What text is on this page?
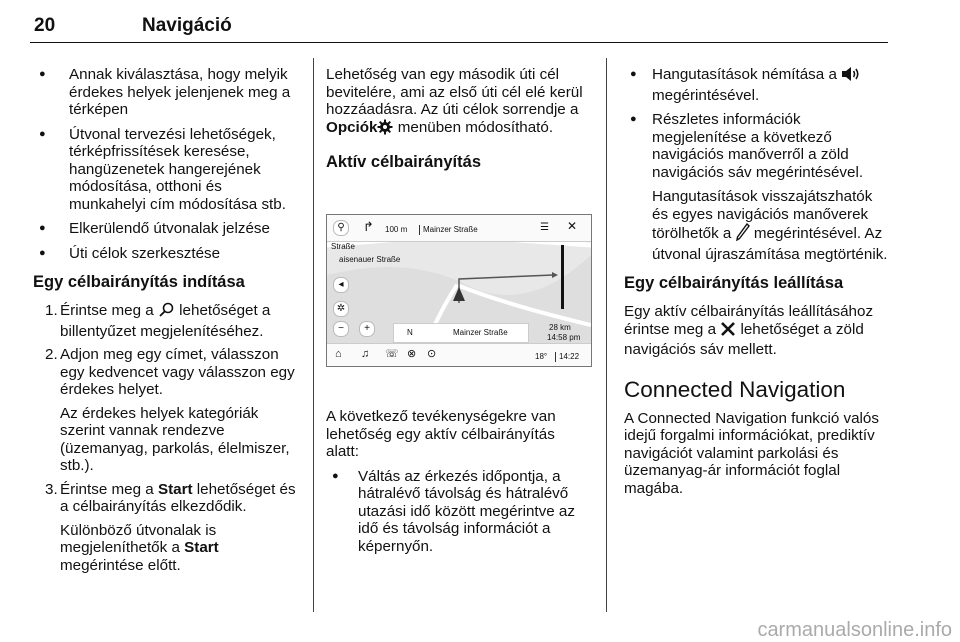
20	Navigáció

● Annak kiválasztása, hogy melyik érdekes helyek jelenjenek meg a térképen

● Útvonal tervezési lehetőségek, térképfrissítések keresése, hangüzenetek hangerejének módosítása, otthoni és munkahelyi cím módosítása stb.

● Elkerülendő útvonalak jelzése

● Úti célok szerkesztése

Egy célbairányítás indítása

1. Érintse meg a lehetőséget a billentyűzet megjelenítéséhez.
2. Adjon meg egy címet, válasszon egy kedvencet vagy válasszon egy érdekes helyet.

Az érdekes helyek kategóriák szerint vannak rendezve (üzemanyag, parkolás, élelmiszer, stb.).

3. Érintse meg a Start lehetőséget és a célbairányítás elkezdődik.

Különböző útvonalak is megjeleníthetők a Start megérintése előtt.

Lehetőség van egy második úti cél bevitelére, ami az első úti cél elé kerül hozzáadásra. Az úti célok sorrendje a Opciók menüben módosítható.

Aktív célbairányítás

⚲	↱ 100 m	Mainzer Straße	☰ ✕
Straße
aisenauer Straße
◂
✲
−	+	N	Mainzer Straße
28 km
14:58 pm
⌂ ♫ ☏ ⊗ ⊙	18°	14:22

A következő tevékenységekre van lehetőség egy aktív célbairányítás alatt:

● Váltás az érkezés időpontja, a hátralévő távolság és hátralévő utazási idő között megérintve az idő és távolság információt a képernyőn.

● Hangutasítások némítása a  megérintésével.

● Részletes információk megjelenítése a következő navigációs manőverről a zöld navigációs sáv megérintésével.

Hangutasítások visszajátszhatók és egyes navigációs manőverek törölhetők a megérintésével. Az útvonal újraszámítása megtörténik.

Egy célbairányítás leállítása

Egy aktív célbairányítás leállításához érintse meg a lehetőséget a zöld navigációs sáv mellett.

Connected Navigation

A Connected Navigation funkció valós idejű forgalmi információkat, prediktív navigációt valamint parkolási és üzemanyag-ár információt foglal magába.

carmanualsonline.info
